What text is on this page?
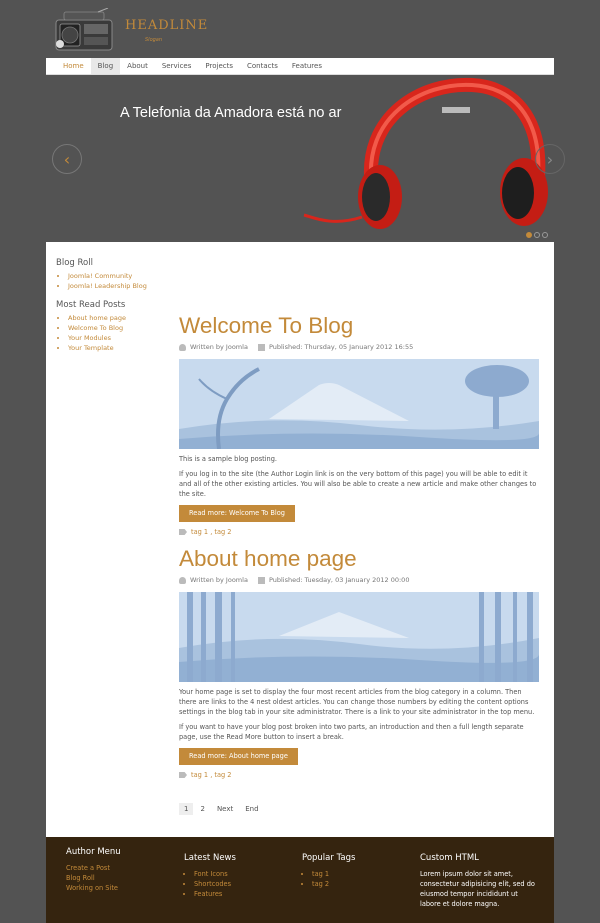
HEADLINE
Slogan
Home	Blog	About	Services	Projects	Contacts	Features
A Telefonia da Amadora está no ar
‹	›
Blog Roll
• Joomla! Community
• Joomla! Leadership Blog
Most Read Posts
• About home page
• Welcome To Blog
• Your Modules
• Your Template
Welcome To Blog
Written by Joomla	Published: Thursday, 05 January 2012 16:55

This is a sample blog posting.

If you log in to the site (the Author Login link is on the very bottom of this page) you will be able to edit it and all of the other existing articles. You will also be able to create a new article and make other changes to the site.

Read more: Welcome To Blog
tag 1 , tag 2
About home page
Written by Joomla	Published: Tuesday, 03 January 2012 00:00

Your home page is set to display the four most recent articles from the blog category in a column. Then there are links to the 4 nest oldest articles. You can change those numbers by editing the content options settings in the blog tab in your site administrator. There is a link to your site administrator in the top menu.

If you want to have your blog post broken into two parts, an introduction and then a full length separate page, use the Read More button to insert a break.

Read more: About home page
tag 1 , tag 2
1	2	Next	End
Author Menu
Create a Post
Blog Roll
Working on Site
Latest News
• Font Icons
• Shortcodes
• Features
Popular Tags
• tag 1
• tag 2
Custom HTML
Lorem ipsum dolor sit amet, consectetur adipisicing elit, sed do eiusmod tempor incididunt ut labore et dolore magna.
